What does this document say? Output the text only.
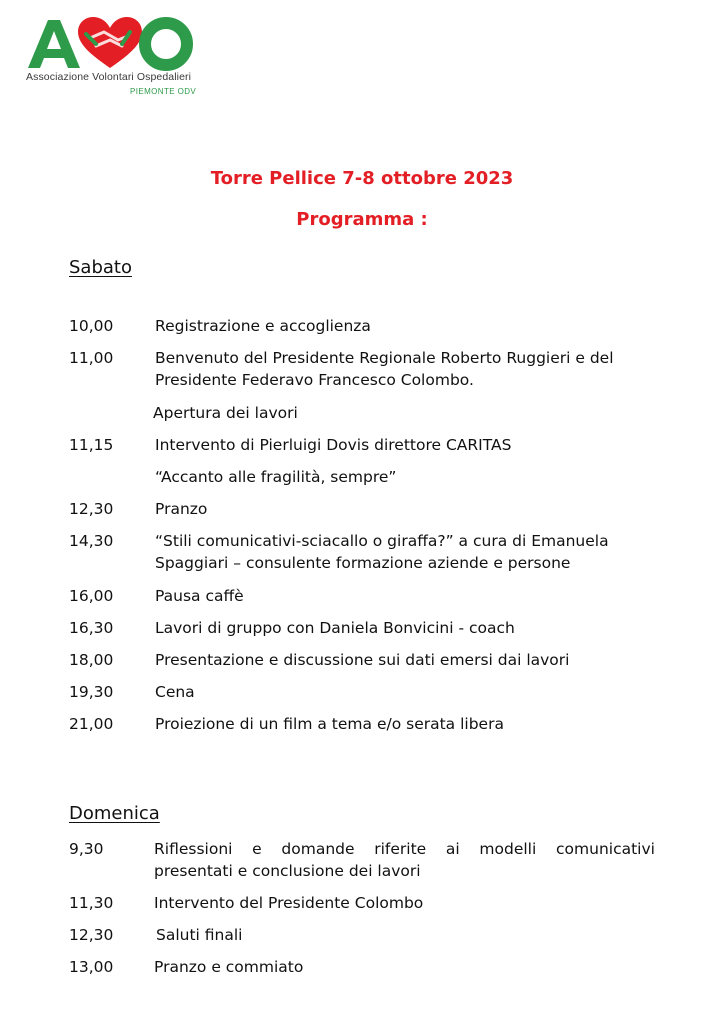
Associazione Volontari Ospedalieri
PIEMONTE ODV
Torre Pellice 7-8 ottobre 2023
Programma :
Sabato
10,00	Registrazione e accoglienza
11,00	Benvenuto del Presidente Regionale Roberto Ruggieri e del
Presidente Federavo Francesco Colombo.
Apertura dei lavori
11,15	Intervento di Pierluigi Dovis direttore CARITAS
“Accanto alle fragilità, sempre”
12,30	Pranzo
14,30	“Stili comunicativi-sciacallo o giraffa?” a cura di Emanuela
Spaggiari – consulente formazione aziende e persone
16,00	Pausa caffè
16,30	Lavori di gruppo con Daniela Bonvicini - coach
18,00	Presentazione e discussione sui dati emersi dai lavori
19,30	Cena
21,00	Proiezione di un film a tema e/o serata libera
Domenica
9,30	Riflessioni e domande riferite ai modelli comunicativi
presentati e conclusione dei lavori
11,30	Intervento del Presidente Colombo
12,30	Saluti finali
13,00	Pranzo e commiato
